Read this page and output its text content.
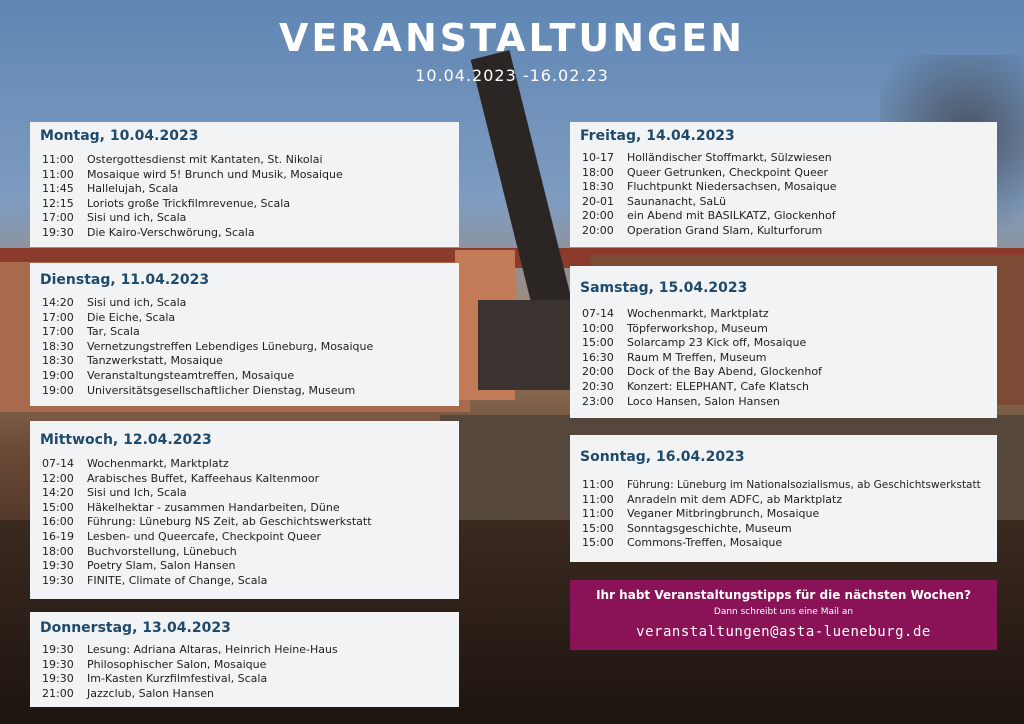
VERANSTALTUNGEN
10.04.2023 -16.02.23
Montag, 10.04.2023
11:00	Ostergottesdienst mit Kantaten, St. Nikolai
11:00	Mosaique wird 5! Brunch und Musik, Mosaique
11:45	Hallelujah, Scala
12:15	Loriots große Trickfilmrevenue, Scala
17:00	Sisi und ich, Scala
19:30	Die Kairo-Verschwörung, Scala
Dienstag, 11.04.2023
14:20	Sisi und ich, Scala
17:00	Die Eiche, Scala
17:00	Tar, Scala
18:30	Vernetzungstreffen Lebendiges Lüneburg, Mosaique
18:30	Tanzwerkstatt, Mosaique
19:00	Veranstaltungsteamtreffen, Mosaique
19:00	Universitätsgesellschaftlicher Dienstag, Museum
Mittwoch, 12.04.2023
07-14	Wochenmarkt, Marktplatz
12:00	Arabisches Buffet, Kaffeehaus Kaltenmoor
14:20	Sisi und Ich, Scala
15:00	Häkelhektar - zusammen Handarbeiten, Düne
16:00	Führung: Lüneburg NS Zeit, ab Geschichtswerkstatt
16-19	Lesben- und Queercafe, Checkpoint Queer
18:00	Buchvorstellung, Lünebuch
19:30	Poetry Slam, Salon Hansen
19:30	FINITE, Climate of Change, Scala
Donnerstag, 13.04.2023
19:30	Lesung: Adriana Altaras, Heinrich Heine-Haus
19:30	Philosophischer Salon, Mosaique
19:30	Im-Kasten Kurzfilmfestival, Scala
21:00	Jazzclub, Salon Hansen
Freitag, 14.04.2023
10-17	Holländischer Stoffmarkt, Sülzwiesen
18:00	Queer Getrunken, Checkpoint Queer
18:30	Fluchtpunkt Niedersachsen, Mosaique
20-01	Saunanacht, SaLü
20:00	ein Abend mit BASILKATZ, Glockenhof
20:00	Operation Grand Slam, Kulturforum
Samstag, 15.04.2023
07-14	Wochenmarkt, Marktplatz
10:00	Töpferworkshop, Museum
15:00	Solarcamp 23 Kick off, Mosaique
16:30	Raum M Treffen, Museum
20:00	Dock of the Bay Abend, Glockenhof
20:30	Konzert: ELEPHANT, Cafe Klatsch
23:00	Loco Hansen, Salon Hansen
Sonntag, 16.04.2023
11:00	Führung: Lüneburg im Nationalsozialismus, ab Geschichtswerkstatt
11:00	Anradeln mit dem ADFC, ab Marktplatz
11:00	Veganer Mitbringbrunch, Mosaique
15:00	Sonntagsgeschichte, Museum
15:00	Commons-Treffen, Mosaique
Ihr habt Veranstaltungstipps für die nächsten Wochen?
Dann schreibt uns eine Mail an
veranstaltungen@asta-lueneburg.de
